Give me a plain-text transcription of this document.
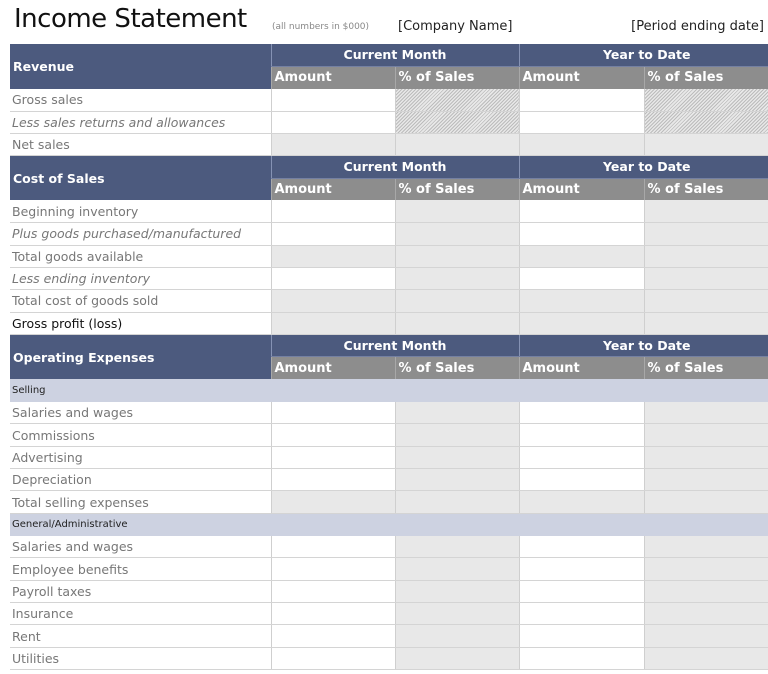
Income Statement	(all numbers in $000) [Company Name]	[Period ending date]
Revenue	Current Month		Year to Date	
	Amount	% of Sales	Amount	% of Sales
Gross sales				
Less sales returns and allowances				
Net sales				
Cost of Sales	Current Month		Year to Date	
	Amount	% of Sales	Amount	% of Sales
Beginning inventory				
Plus goods purchased/manufactured				
Total goods available				
Less ending inventory				
Total cost of goods sold				
Gross profit (loss)				
Operating Expenses	Current Month		Year to Date	
	Amount	% of Sales	Amount	% of Sales
Selling				
Salaries and wages				
Commissions				
Advertising				
Depreciation				
Total selling expenses				
General/Administrative				
Salaries and wages				
Employee benefits				
Payroll taxes				
Insurance				
Rent				
Utilities				
